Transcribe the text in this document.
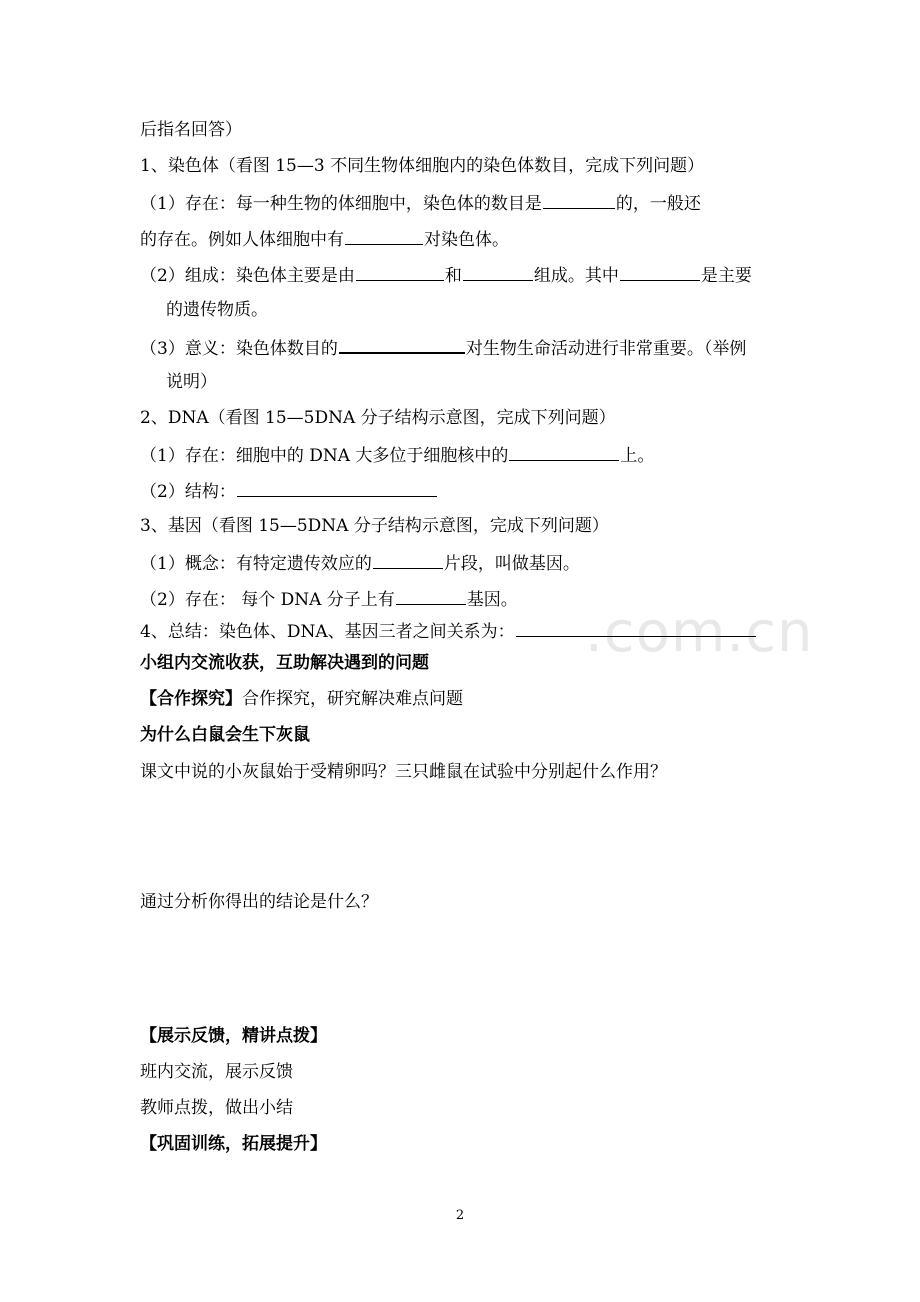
.com.cn
后指名回答）
1、染色体（看图 15—3 不同生物体细胞内的染色体数目，完成下列问题）
（1）存在：每一种生物的体细胞中，染色体的数目是	的，一般还
的存在。例如人体细胞中有	对染色体。
（2）组成：染色体主要是由	和	组成。其中	是主要
的遗传物质。
（3）意义：染色体数目的	对生物生命活动进行非常重要。（举例
说明）
2、DNA（看图 15—5DNA 分子结构示意图，完成下列问题）
（1）存在：细胞中的 DNA 大多位于细胞核中的	上。
（2）结构：
3、基因（看图 15—5DNA 分子结构示意图，完成下列问题）
（1）概念：有特定遗传效应的	片段，叫做基因。
（2）存在： 每个 DNA 分子上有	基因。
4、总结：染色体、DNA、基因三者之间关系为：
小组内交流收获，互助解决遇到的问题
【合作探究】合作探究，研究解决难点问题
为什么白鼠会生下灰鼠
课文中说的小灰鼠始于受精卵吗？三只雌鼠在试验中分别起什么作用？
通过分析你得出的结论是什么？
【展示反馈，精讲点拨】
班内交流，展示反馈
教师点拨，做出小结
【巩固训练，拓展提升】
2
